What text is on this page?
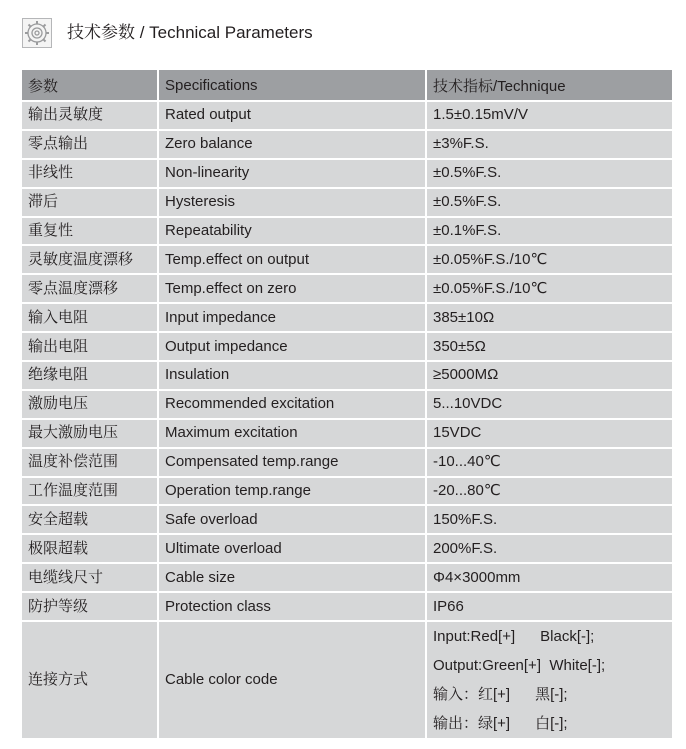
技术参数 / Technical Parameters
参数	Specifications	技术指标/Technique
输出灵敏度	Rated output	1.5±0.15mV/V
零点输出	Zero balance	±3%F.S.
非线性	Non-linearity	±0.5%F.S.
滞后	Hysteresis	±0.5%F.S.
重复性	Repeatability	±0.1%F.S.
灵敏度温度漂移	Temp.effect on output	±0.05%F.S./10℃
零点温度漂移	Temp.effect on zero	±0.05%F.S./10℃
输入电阻	Input impedance	385±10Ω
输出电阻	Output impedance	350±5Ω
绝缘电阻	Insulation	≥5000MΩ
激励电压	Recommended excitation	5...10VDC
最大激励电压	Maximum excitation	15VDC
温度补偿范围	Compensated temp.range	-10...40℃
工作温度范围	Operation temp.range	-20...80℃
安全超载	Safe overload	150%F.S.
极限超载	Ultimate overload	200%F.S.
电缆线尺寸	Cable size	Φ4×3000mm
防护等级	Protection class	IP66
连接方式	Cable color code	Input:Red[+]      Black[-];
Output:Green[+]  White[-];
输入：红[+]      黑[-];
输出：绿[+]      白[-];
